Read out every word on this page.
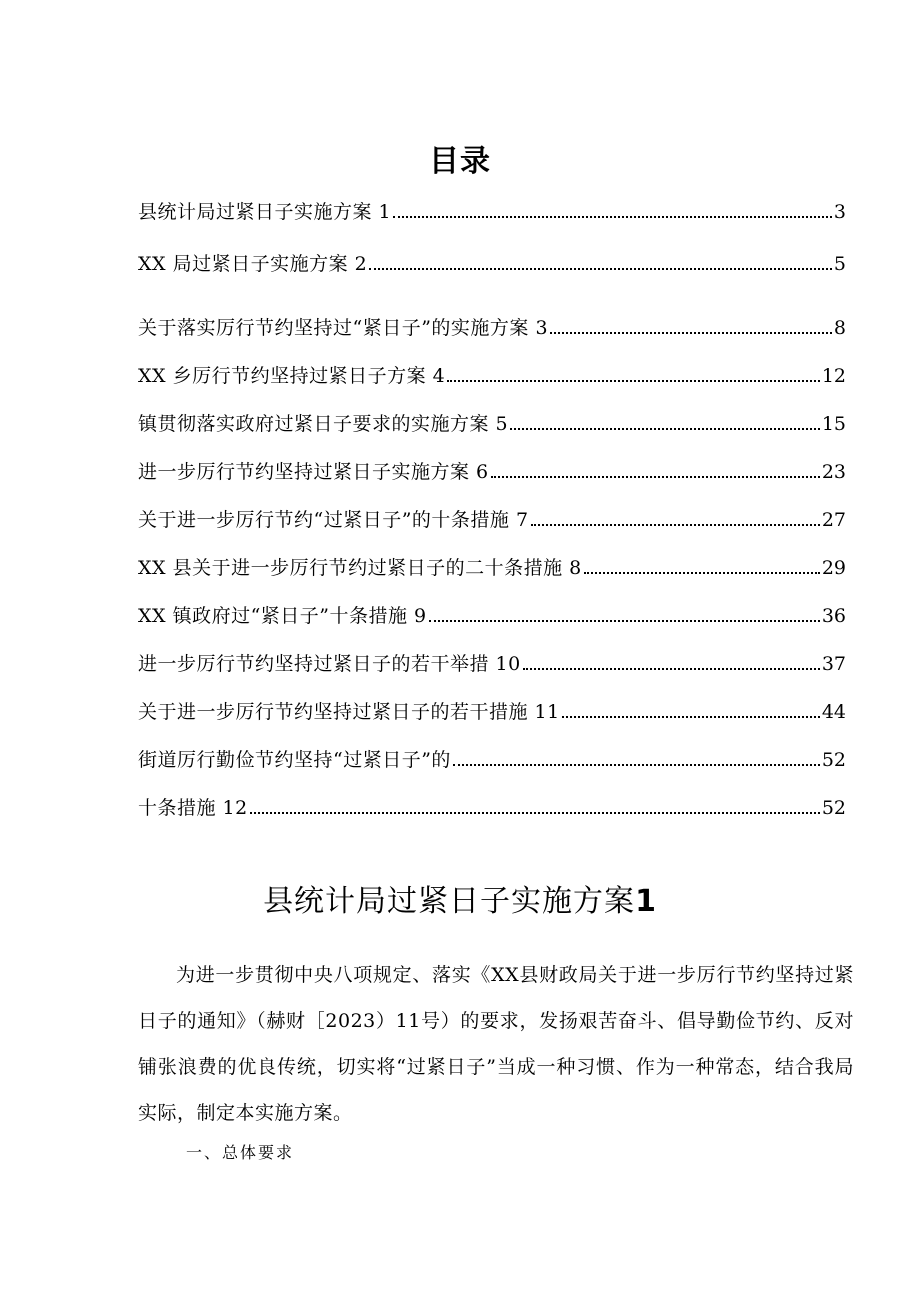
目录
县统计局过紧日子实施方案 1	3
XX 局过紧日子实施方案 2	5
关于落实厉行节约坚持过“紧日子”的实施方案 3	8
XX 乡厉行节约坚持过紧日子方案 4	12
镇贯彻落实政府过紧日子要求的实施方案 5	15
进一步厉行节约坚持过紧日子实施方案 6	23
关于进一步厉行节约“过紧日子”的十条措施 7	27
XX 县关于进一步厉行节约过紧日子的二十条措施 8	29
XX 镇政府过“紧日子”十条措施 9	36
进一步厉行节约坚持过紧日子的若干举措 10	37
关于进一步厉行节约坚持过紧日子的若干措施 11	44
街道厉行勤俭节约坚持“过紧日子”的	52
十条措施 12	52
县统计局过紧日子实施方案1
为进一步贯彻中央八项规定、落实《XX县财政局关于进一步厉行节约坚持过紧日子的通知》（赫财［2023）11号）的要求，发扬艰苦奋斗、倡导勤俭节约、反对铺张浪费的优良传统，切实将“过紧日子”当成一种习惯、作为一种常态，结合我局实际，制定本实施方案。
一、总体要求
